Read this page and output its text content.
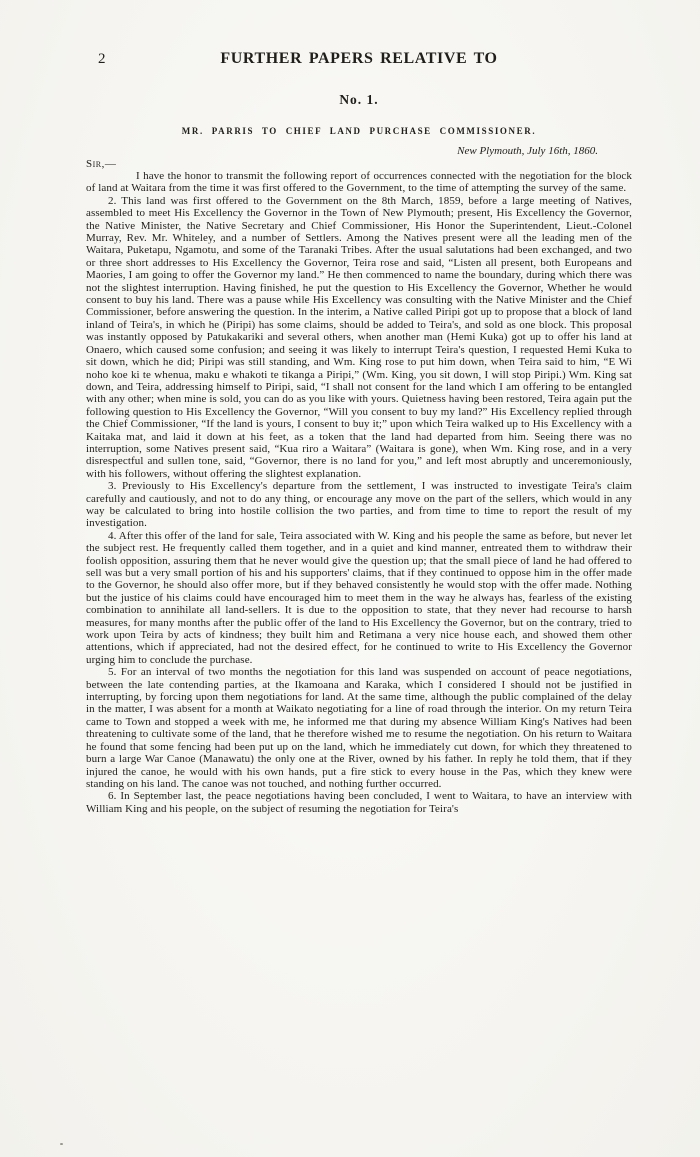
2	FURTHER PAPERS RELATIVE TO
No. 1.
MR. PARRIS TO CHIEF LAND PURCHASE COMMISSIONER.
New Plymouth, July 16th, 1860.
Sir,—

I have the honor to transmit the following report of occurrences connected with the negotiation for the block of land at Waitara from the time it was first offered to the Government, to the time of attempting the survey of the same.

2. This land was first offered to the Government on the 8th March, 1859, before a large meeting of Natives, assembled to meet His Excellency the Governor in the Town of New Plymouth; present, His Excellency the Governor, the Native Minister, the Native Secretary and Chief Commissioner, His Honor the Superintendent, Lieut.-Colonel Murray, Rev. Mr. Whiteley, and a number of Settlers. Among the Natives present were all the leading men of the Waitara, Puketapu, Ngamotu, and some of the Taranaki Tribes. After the usual salutations had been exchanged, and two or three short addresses to His Excellency the Governor, Teira rose and said, “Listen all present, both Europeans and Maories, I am going to offer the Governor my land.” He then commenced to name the boundary, during which there was not the slightest interruption. Having finished, he put the question to His Excellency the Governor, Whether he would consent to buy his land. There was a pause while His Excellency was consulting with the Native Minister and the Chief Commissioner, before answering the question. In the interim, a Native called Piripi got up to propose that a block of land inland of Teira's, in which he (Piripi) has some claims, should be added to Teira's, and sold as one block. This proposal was instantly opposed by Patukakariki and several others, when another man (Hemi Kuka) got up to offer his land at Onaero, which caused some confusion; and seeing it was likely to interrupt Teira's question, I requested Hemi Kuka to sit down, which he did; Piripi was still standing, and Wm. King rose to put him down, when Teira said to him, “E Wi noho koe ki te whenua, maku e whakoti te tikanga a Piripi,” (Wm. King, you sit down, I will stop Piripi.) Wm. King sat down, and Teira, addressing himself to Piripi, said, “I shall not consent for the land which I am offering to be entangled with any other; when mine is sold, you can do as you like with yours. Quietness having been restored, Teira again put the following question to His Excellency the Governor, “Will you consent to buy my land?” His Excellency replied through the Chief Commissioner, “If the land is yours, I consent to buy it;” upon which Teira walked up to His Excellency with a Kaitaka mat, and laid it down at his feet, as a token that the land had departed from him. Seeing there was no interruption, some Natives present said, “Kua riro a Waitara” (Waitara is gone), when Wm. King rose, and in a very disrespectful and sullen tone, said, “Governor, there is no land for you,” and left most abruptly and unceremoniously, with his followers, without offering the slightest explanation.

3. Previously to His Excellency's departure from the settlement, I was instructed to investigate Teira's claim carefully and cautiously, and not to do any thing, or encourage any move on the part of the sellers, which would in any way be calculated to bring into hostile collision the two parties, and from time to time to report the result of my investigation.

4. After this offer of the land for sale, Teira associated with W. King and his people the same as before, but never let the subject rest. He frequently called them together, and in a quiet and kind manner, entreated them to withdraw their foolish opposition, assuring them that he never would give the question up; that the small piece of land he had offered to sell was but a very small portion of his and his supporters' claims, that if they continued to oppose him in the offer made to the Governor, he should also offer more, but if they behaved consistently he would stop with the offer made. Nothing but the justice of his claims could have encouraged him to meet them in the way he always has, fearless of the existing combination to annihilate all land-sellers. It is due to the opposition to state, that they never had recourse to harsh measures, for many months after the public offer of the land to His Excellency the Governor, but on the contrary, tried to work upon Teira by acts of kindness; they built him and Retimana a very nice house each, and showed them other attentions, which if appreciated, had not the desired effect, for he continued to write to His Excellency the Governor urging him to conclude the purchase.

5. For an interval of two months the negotiation for this land was suspended on account of peace negotiations, between the late contending parties, at the Ikamoana and Karaka, which I considered I should not be justified in interrupting, by forcing upon them negotiations for land. At the same time, although the public complained of the delay in the matter, I was absent for a month at Waikato negotiating for a line of road through the interior. On my return Teira came to Town and stopped a week with me, he informed me that during my absence William King's Natives had been threatening to cultivate some of the land, that he therefore wished me to resume the negotiation. On his return to Waitara he found that some fencing had been put up on the land, which he immediately cut down, for which they threatened to burn a large War Canoe (Manawatu) the only one at the River, owned by his father. In reply he told them, that if they injured the canoe, he would with his own hands, put a fire stick to every house in the Pas, which they knew were standing on his land. The canoe was not touched, and nothing further occurred.

6. In September last, the peace negotiations having been concluded, I went to Waitara, to have an interview with William King and his people, on the subject of resuming the negotiation for Teira's
